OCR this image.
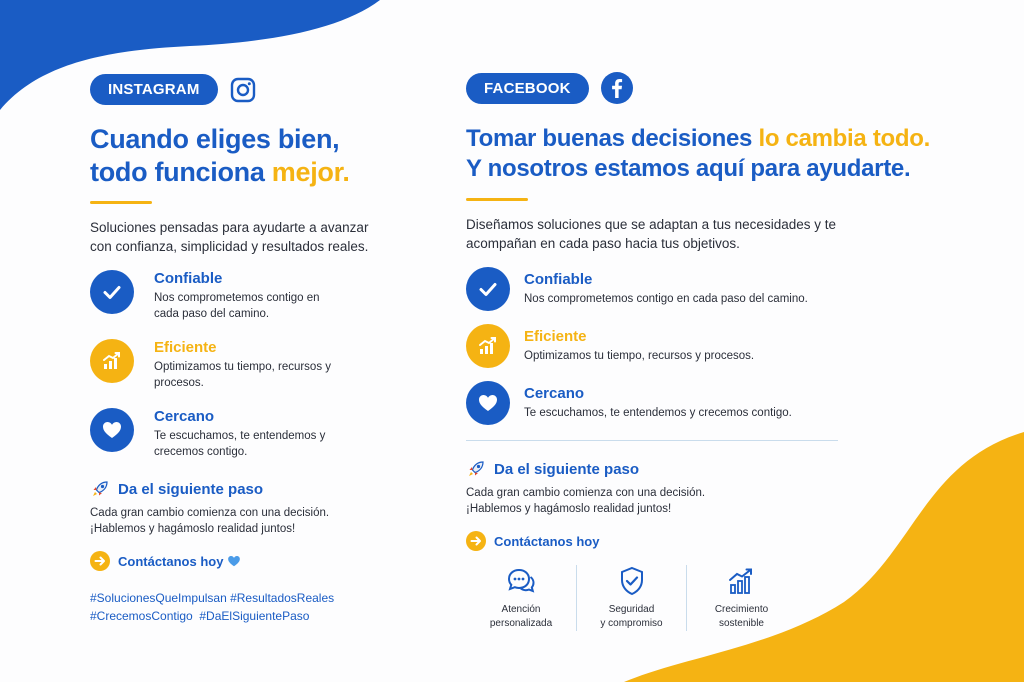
INSTAGRAM
Cuando eliges bien,
todo funciona mejor.
Soluciones pensadas para ayudarte a avanzar con confianza, simplicidad y resultados reales.
Confiable
Nos comprometemos contigo en cada paso del camino.
Eficiente
Optimizamos tu tiempo, recursos y procesos.
Cercano
Te escuchamos, te entendemos y crecemos contigo.
Da el siguiente paso
Cada gran cambio comienza con una decisión.
¡Hablemos y hagámoslo realidad juntos!
Contáctanos hoy
#SolucionesQueImpulsan #ResultadosReales
#CrecemosContigo  #DaElSiguientePaso
FACEBOOK
Tomar buenas decisiones lo cambia todo.
Y nosotros estamos aquí para ayudarte.
Diseñamos soluciones que se adaptan a tus necesidades y te acompañan en cada paso hacia tus objetivos.
Confiable
Nos comprometemos contigo en cada paso del camino.
Eficiente
Optimizamos tu tiempo, recursos y procesos.
Cercano
Te escuchamos, te entendemos y crecemos contigo.
Da el siguiente paso
Cada gran cambio comienza con una decisión.
¡Hablemos y hagámoslo realidad juntos!
Contáctanos hoy
Atención
personalizada
Seguridad
y compromiso
Crecimiento
sostenible
